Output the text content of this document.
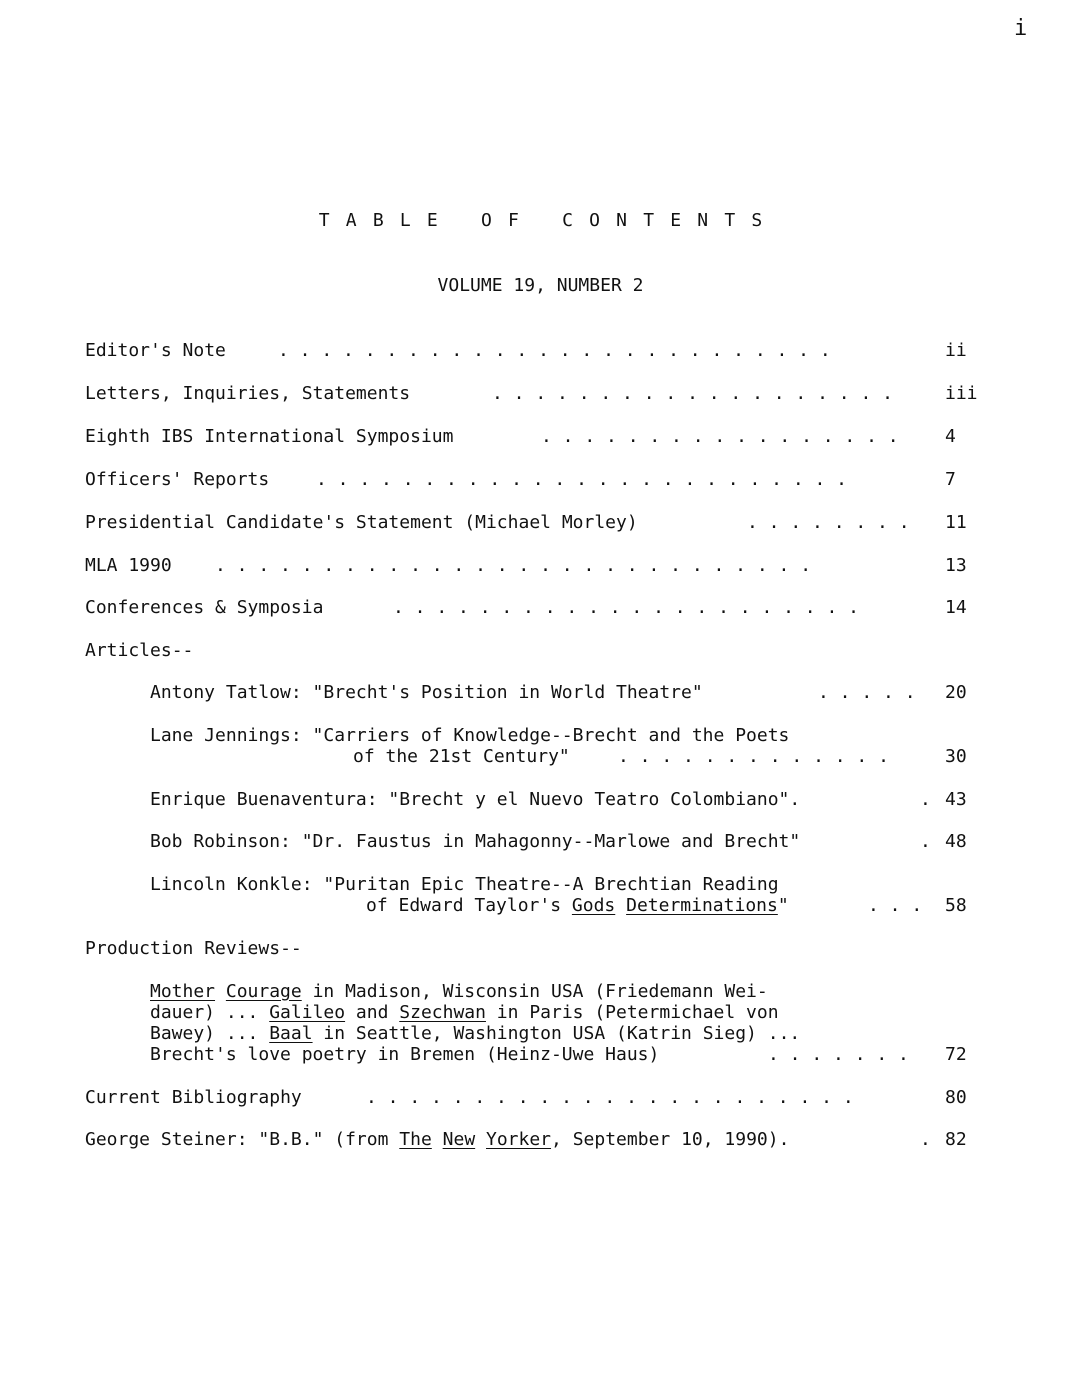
i
TABLE OF CONTENTS
VOLUME 19, NUMBER 2
Editor's Note	. . . . . . . . . . . . . . . . . . . . . . . . . .	ii
Letters, Inquiries, Statements	. . . . . . . . . . . . . . . . . . .	iii
Eighth IBS International Symposium	. . . . . . . . . . . . . . . . .	4
Officers' Reports	. . . . . . . . . . . . . . . . . . . . . . . . .	7
Presidential Candidate's Statement (Michael Morley)	. . . . . . . . 11
MLA 1990 . . . . . . . . . . . . . . . . . . . . . . . . . . . .	13
Conferences & Symposia	. . . . . . . . . . . . . . . . . . . . . .	14
Articles--
Antony Tatlow: "Brecht's Position in World Theatre"	. . . . . 20
Lane Jennings: "Carriers of Knowledge--Brecht and the Poets
of the 21st Century"	. . . . . . . . . . . . .	30
Enrique Buenaventura: "Brecht y el Nuevo Teatro Colombiano".	. 43
Bob Robinson: "Dr. Faustus in Mahagonny--Marlowe and Brecht"	. 48
Lincoln Konkle: "Puritan Epic Theatre--A Brechtian Reading
of Edward Taylor's Gods Determinations"	. . . 58
Production Reviews--
Mother Courage in Madison, Wisconsin USA (Friedemann Wei-
dauer) ... Galileo and Szechwan in Paris (Petermichael von
Bawey) ... Baal in Seattle, Washington USA (Katrin Sieg) ...
Brecht's love poetry in Bremen (Heinz-Uwe Haus)	. . . . . . . 72
Current Bibliography	. . . . . . . . . . . . . . . . . . . . . . .	80
George Steiner: "B.B." (from The New Yorker, September 10, 1990).	. 82
